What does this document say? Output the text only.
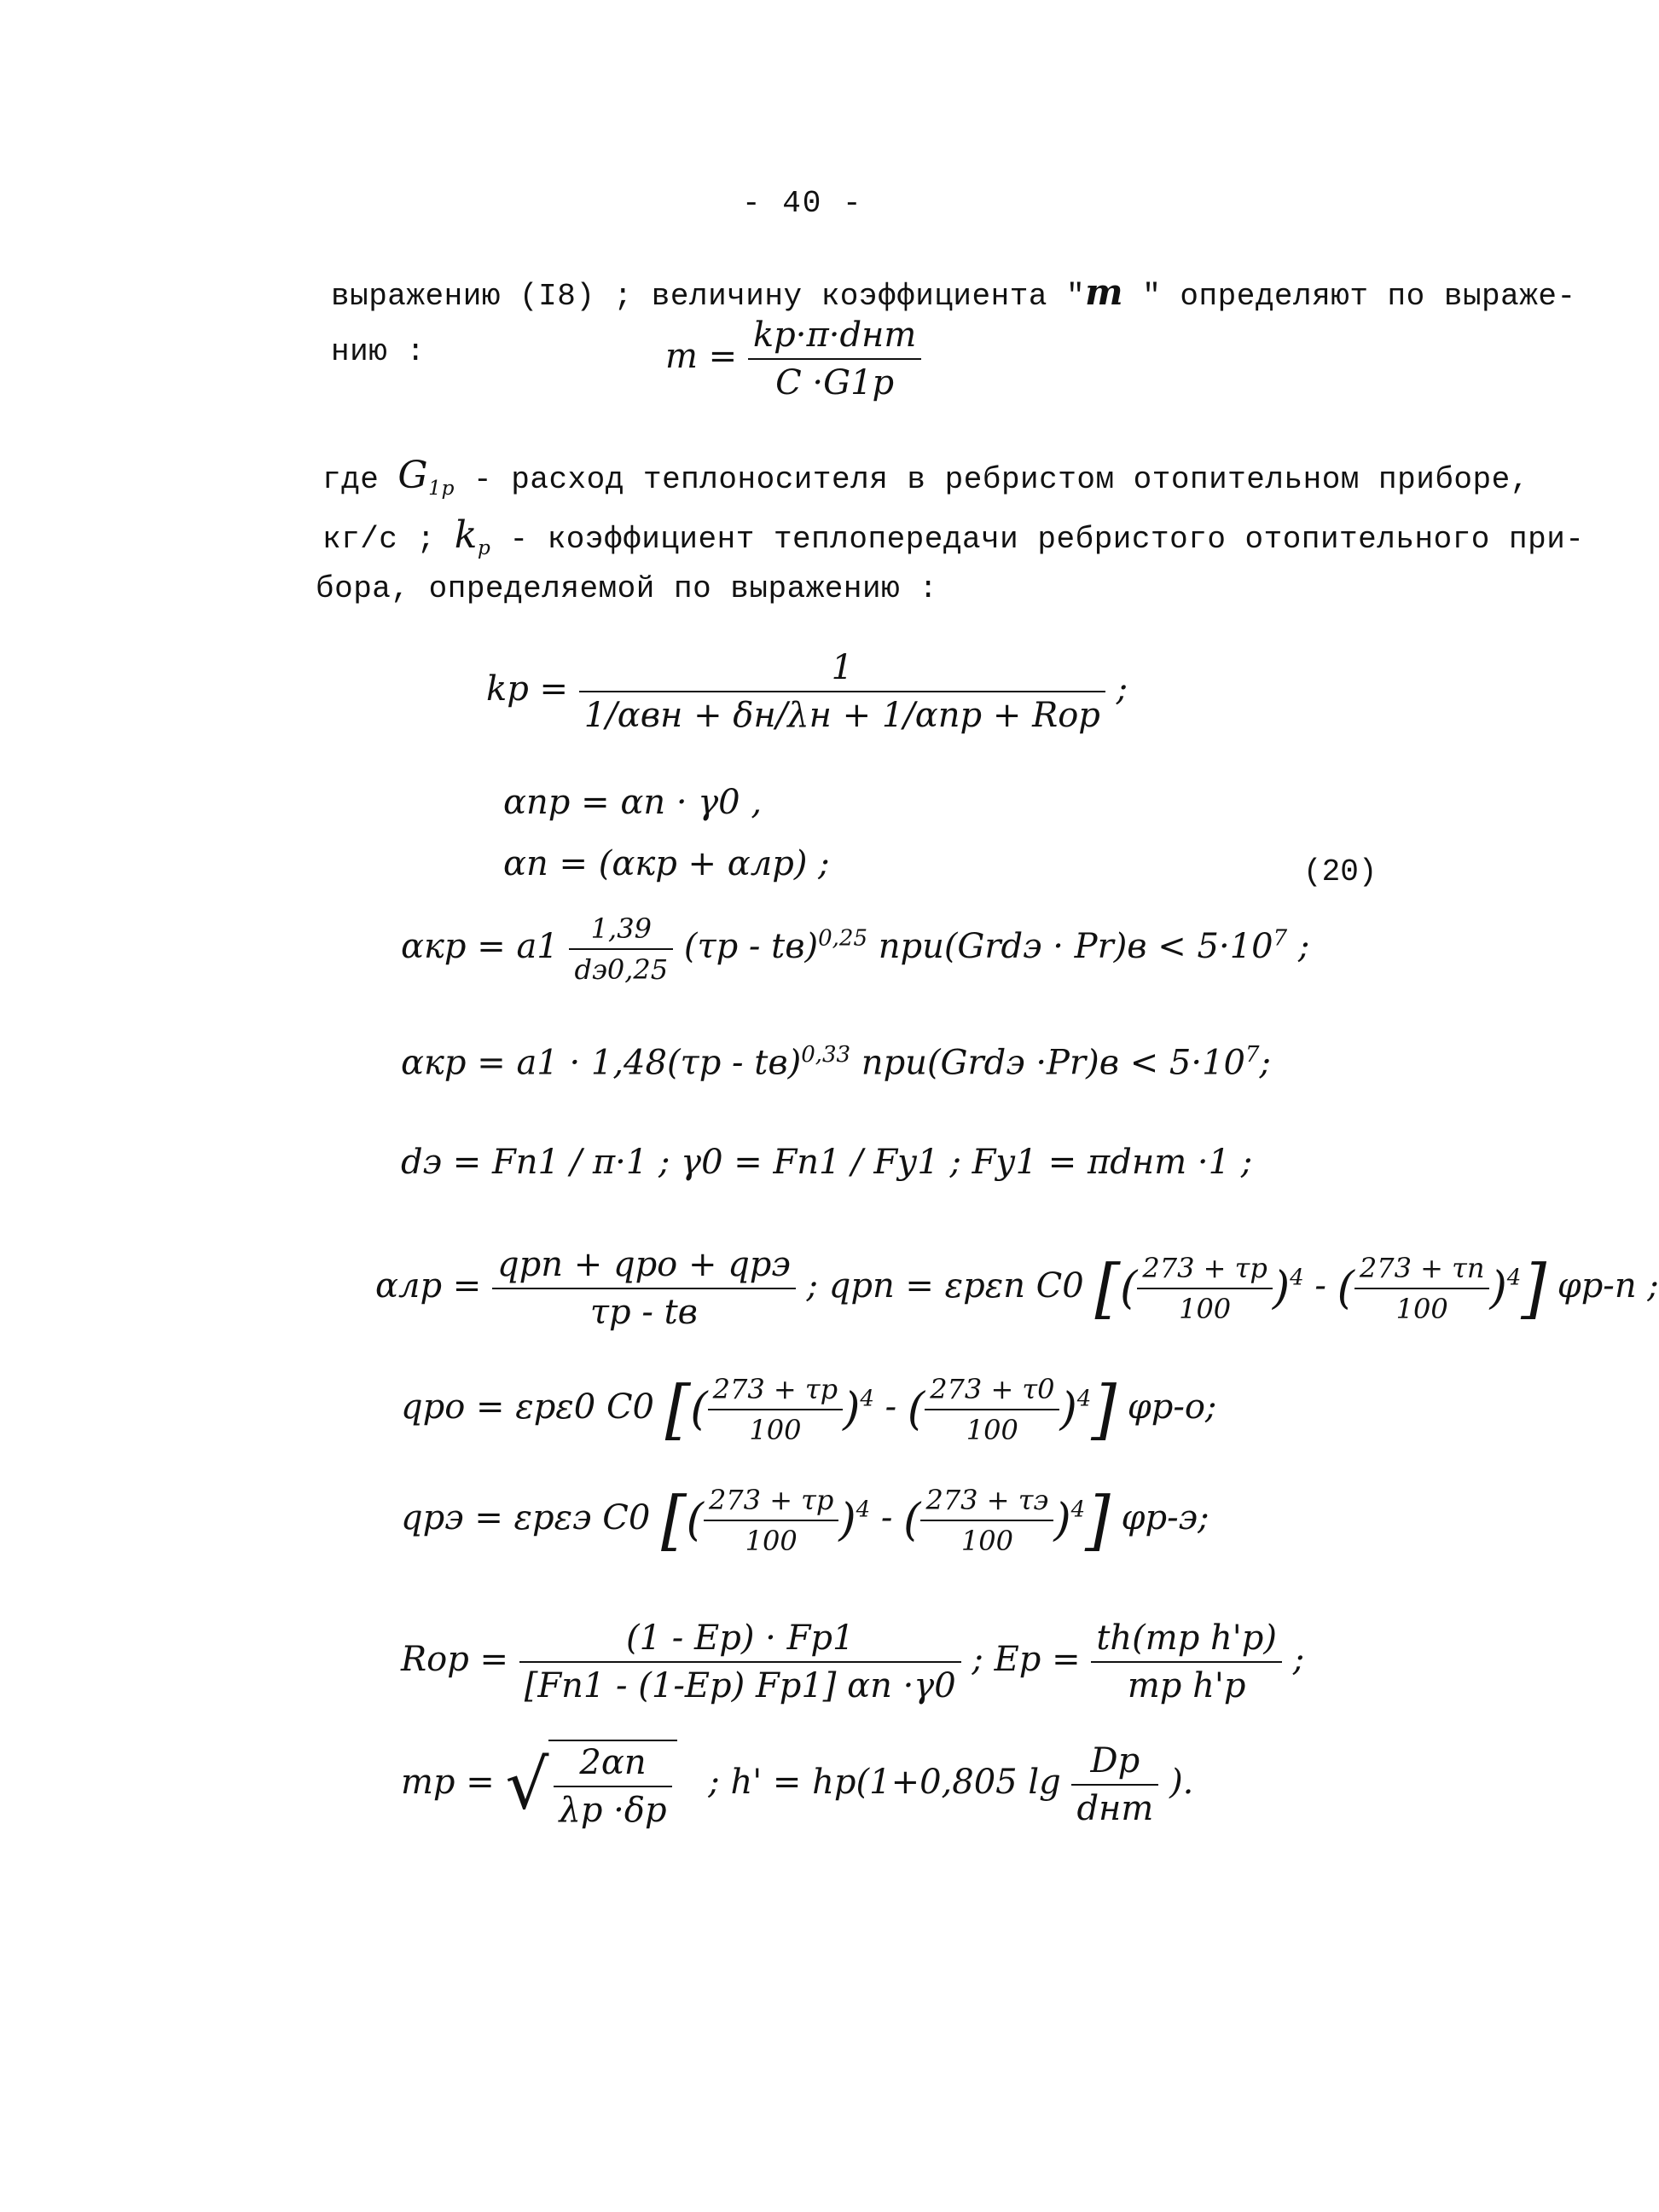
- 40 -
выражению (I8) ; величину коэффициента "m " определяют по выраже-
нию :	$m = \frac{\text{kр·π·dнт}}{C \cdot G1р}$
где $G_{1р}$ - расход теплоносителя в ребристом отопительном приборе,
кг/с ; $k_р$ - коэффициент теплопередачи ребристого отопительного при-
бора, определяемой по выражению :
kр = $\frac{1}{\text{1/αвн + δн/λн + 1/αпр + Rор}}$ ;
αпр = αп · γ0 ,
αп = (αкр + αлр) ;	(20)
$\alpha кр = a1 \frac{1,39}{dэ0,25} (\tau р - tв)^{0,25}$ при(Grdэ · $Pr)в < 5\cdot 10^7$ ;
αкр = a1 · 1,48(τр - tв)$^{0,33}$ при(Grdэ $\cdot Pr)в < 5\cdot 10^7$;
dэ = Fп1 / π·1 ; γ0 = Fп1 / Fу1 ; Fу1 = πdнт ·1 ;
$\alpha лр = \frac{\text{qрп + qро + qрэ}}{\tau р - tв}$ ; qрп = εрεп C0 [( $\frac{273 + \tau р}{100} )^4$ - ( $\frac{273 + \tau п}{100} )^4$] φр-п ;
qро = εрε0 C0 [( $\frac{273 + \tau р}{100} )^4$ - ( $\frac{273 + \tau 0}{100} )^4$] φр-о;
qрэ = εрεэ C0 [( $\frac{273 + \tau р}{100} )^4$ - ( $\frac{273 + \tau э}{100} )^4$] φр-э;
Rор = $\frac{(1 - Eр) \cdot Fр1}{[Fп1 - (1-Eр) Fр1] \alpha п \cdot\gamma 0}$ ; Eр = $\frac{\text{th(mр h'р)}}{\text{mр h'р}}$ ;
mр = √ $\frac{2\alpha п}{\lambda р \cdot\delta р}$ ; h' = hр(1+0,805 $\lg \frac{Dр}{\text{dнт}}$ ).
